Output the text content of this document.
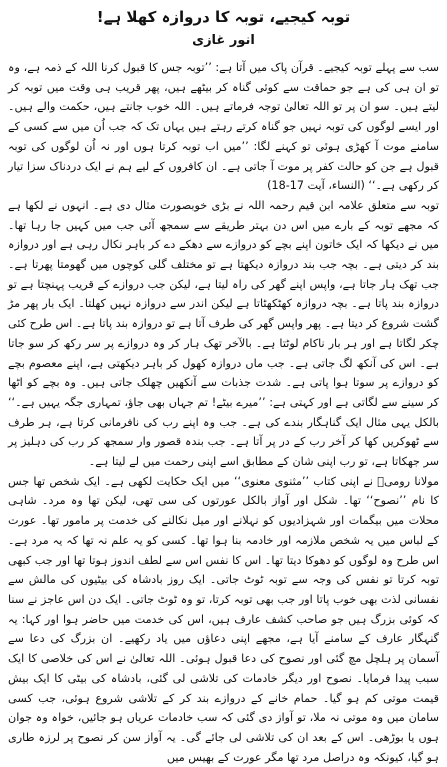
توبہ کیجیے، توبہ کا دروازہ کھلا ہے!
انور غازی

سب سے پہلے توبہ کیجیے۔ قرآن پاک میں آتا ہے: ’’توبہ جس کا قبول کرنا اللہ کے ذمہ ہے، وہ تو ان ہی کی ہے جو حماقت سے کوئی گناہ کر بیٹھے ہیں، پھر قریب ہی وقت میں توبہ کر لیتے ہیں۔ سو ان پر تو اللہ تعالیٰ توجہ فرماتے ہیں۔ اللہ خوب جانتے ہیں، حکمت والے ہیں۔ اور ایسے لوگوں کی توبہ نہیں جو گناہ کرتے رہتے ہیں یہاں تک کہ جب اُن میں سے کسی کے سامنے موت آ کھڑی ہوئی تو کہنے لگا: ’’میں اب توبہ کرتا ہوں اور نہ اُن لوگوں کی توبہ قبول ہے جن کو حالت کفر پر موت آ جاتی ہے۔ ان کافروں کے لیے ہم نے ایک دردناک سزا تیار کر رکھی ہے۔‘‘ (النساء، آیت 17-18)

توبہ سے متعلق علامہ ابن قیم رحمہ اللہ نے بڑی خوبصورت مثال دی ہے۔ انہوں نے لکھا ہے کہ مجھے توبہ کے بارے میں اس دن بہتر طریقے سے سمجھ آئی جب میں کہیں جا رہا تھا۔ میں نے دیکھا کہ ایک خاتون اپنے بچے کو دروازے سے دھکے دے کر باہر نکال رہی ہے اور دروازہ بند کر دیتی ہے۔ بچہ جب بند دروازہ دیکھتا ہے تو مختلف گلی کوچوں میں گھومتا پھرتا ہے۔ جب تھک ہار جاتا ہے، واپس اپنے گھر کی راہ لیتا ہے، لیکن جب دروازے کے قریب پہنچتا ہے تو دروازہ بند پاتا ہے۔ بچہ دروازہ کھٹکھٹاتا ہے لیکن اندر سے دروازہ نہیں کھلتا۔ ایک بار پھر مڑ گشت شروع کر دیتا ہے۔ پھر واپس گھر کی طرف آتا ہے تو دروازہ بند پاتا ہے۔ اس طرح کئی چکر لگاتا ہے اور ہر بار ناکام لوٹتا ہے۔ بالآخر تھک ہار کر وہ دروازے پر سر رکھ کر سو جاتا ہے۔ اس کی آنکھ لگ جاتی ہے۔ جب ماں دروازہ کھول کر باہر دیکھتی ہے، اپنے معصوم بچے کو دروازے پر سوتا ہوا پاتی ہے۔ شدت جذبات سے آنکھیں چھلک جاتی ہیں۔ وہ بچے کو اٹھا کر سینے سے لگاتی ہے اور کہتی ہے: ’’میرے بیٹے! تم جہاں بھی جاؤ، تمہاری جگہ یہیں ہے۔‘‘ بالکل یہی مثال ایک گناہگار بندے کی ہے۔ جب وہ اپنے رب کی نافرمانی کرتا ہے، ہر طرف سے ٹھوکریں کھا کر آخر رب کے در پر آتا ہے۔ جب بندہ قصور وار سمجھ کر رب کی دہلیز پر سر جھکاتا ہے، تو رب اپنی شان کے مطابق اسے اپنی رحمت میں لے لیتا ہے۔

مولانا رومیؒ نے اپنی کتاب ’’مثنوی معنوی‘‘ میں ایک حکایت لکھی ہے۔ ایک شخص تھا جس کا نام ’’نصوح‘‘ تھا۔ شکل اور آواز بالکل عورتوں کی سی تھی، لیکن تھا وہ مرد۔ شاہی محلات میں بیگمات اور شہزادیوں کو نہلانے اور میل نکالنے کی خدمت پر مامور تھا۔ عورت کے لباس میں یہ شخص ملازمہ اور خادمہ بنا ہوا تھا۔ کسی کو یہ علم نہ تھا کہ یہ مرد ہے۔ اس طرح وہ لوگوں کو دھوکا دیتا تھا۔ اس کا نفس اس سے لطف اندوز ہوتا تھا اور جب کبھی توبہ کرتا تو نفس کی وجہ سے توبہ ٹوٹ جاتی۔ ایک روز بادشاہ کی بیٹیوں کی مالش سے نفسانی لذت بھی خوب پاتا اور جب بھی توبہ کرتا، تو وہ ٹوٹ جاتی۔ ایک دن اس عاجز نے سنا کہ کوئی بزرگ ہیں جو صاحب کشف عارف ہیں، اس کی خدمت میں حاضر ہوا اور کہا: یہ گنہگار عارف کے سامنے آیا ہے، مجھے اپنی دعاؤں میں یاد رکھیے۔ ان بزرگ کی دعا سے آسمان پر ہلچل مچ گئی اور نصوح کی دعا قبول ہوئی۔ اللہ تعالیٰ نے اس کی خلاصی کا ایک سبب پیدا فرمایا۔ نصوح اور دیگر خادمات کی تلاشی لی گئی، بادشاہ کی بیٹی کا ایک بیش قیمت موتی کم ہو گیا۔ حمام خانے کے دروازے بند کر کے تلاشی شروع ہوئی، جب کسی سامان میں وہ موتی نہ ملا، تو آواز دی گئی کہ سب خادمات عریاں ہو جائیں، خواہ وہ جوان ہوں یا بوڑھی۔ اس کے بعد ان کی تلاشی لی جائے گی۔ یہ آواز سن کر نصوح پر لرزہ طاری ہو گیا، کیونکہ وہ دراصل مرد تھا مگر عورت کے بھیس میں
